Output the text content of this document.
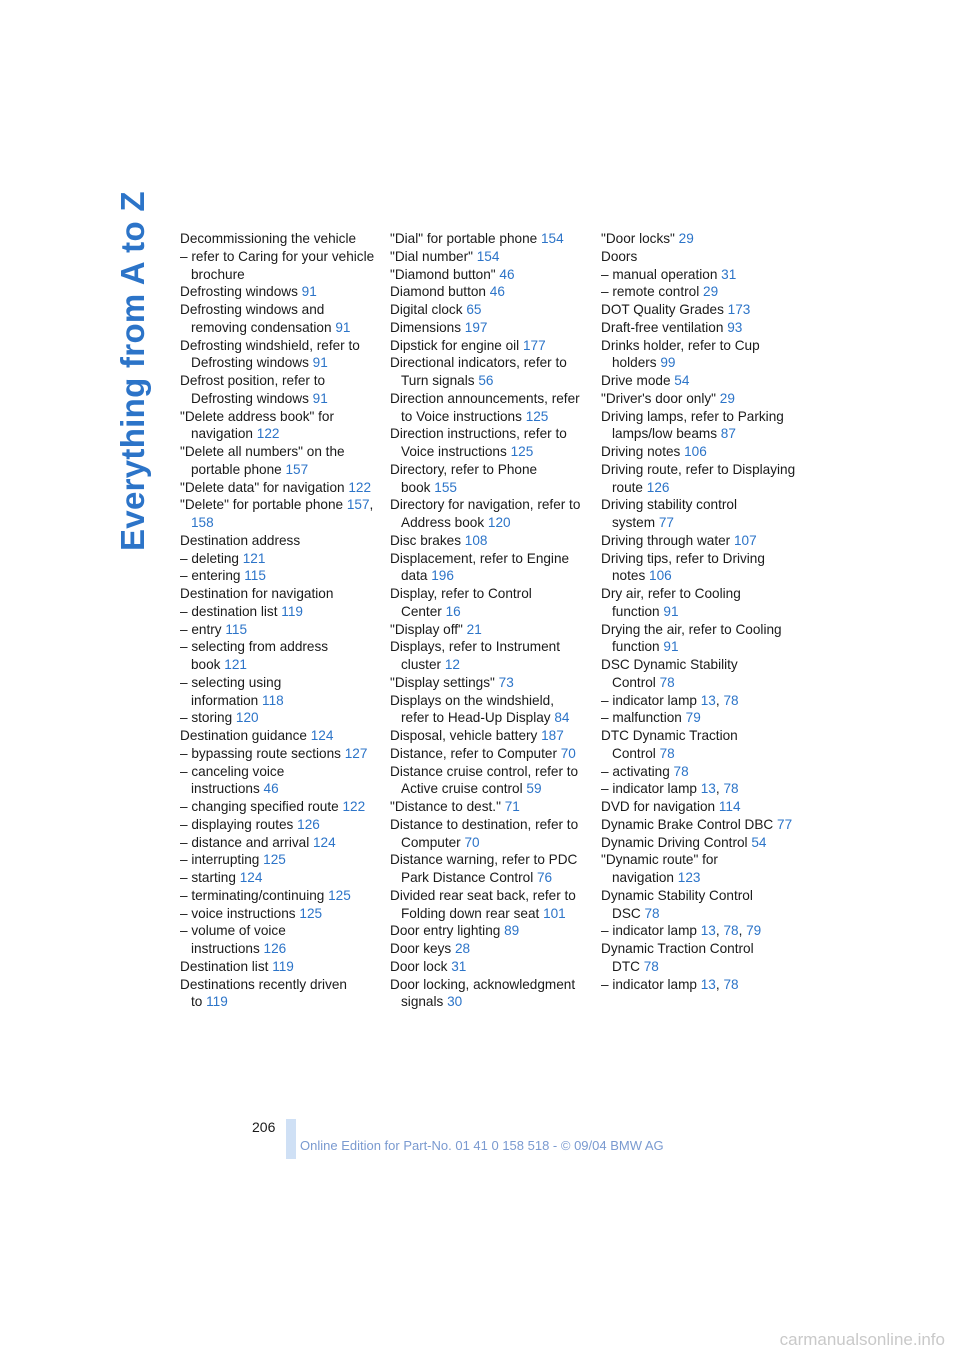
Everything from A to Z Decommissioning the vehicle
– refer to Caring for your vehicle brochure
Defrosting windows 91
Defrosting windows and removing condensation 91
Defrosting windshield, refer to Defrosting windows 91
Defrost position, refer to Defrosting windows 91
"Delete address book" for navigation 122
"Delete all numbers" on the portable phone 157
"Delete data" for navigation 122
"Delete" for portable phone 157, 158
Destination address
– deleting 121
– entering 115
Destination for navigation
– destination list 119
– entry 115
– selecting from address book 121
– selecting using information 118
– storing 120
Destination guidance 124
– bypassing route sections 127
– canceling voice instructions 46
– changing specified route 122
– displaying routes 126
– distance and arrival 124
– interrupting 125
– starting 124
– terminating/continuing 125
– voice instructions 125
– volume of voice instructions 126
Destination list 119
Destinations recently driven to 119
"Dial" for portable phone 154
"Dial number" 154
"Diamond button" 46
Diamond button 46
Digital clock 65
Dimensions 197
Dipstick for engine oil 177
Directional indicators, refer to Turn signals 56
Direction announcements, refer to Voice instructions 125
Direction instructions, refer to Voice instructions 125
Directory, refer to Phone book 155
Directory for navigation, refer to Address book 120
Disc brakes 108
Displacement, refer to Engine data 196
Display, refer to Control Center 16
"Display off" 21
Displays, refer to Instrument cluster 12
"Display settings" 73
Displays on the windshield, refer to Head-Up Display 84
Disposal, vehicle battery 187
Distance, refer to Computer 70
Distance cruise control, refer to Active cruise control 59
"Distance to dest." 71
Distance to destination, refer to Computer 70
Distance warning, refer to PDC Park Distance Control 76
Divided rear seat back, refer to Folding down rear seat 101
Door entry lighting 89
Door keys 28
Door lock 31
Door locking, acknowledgment signals 30
"Door locks" 29
Doors
– manual operation 31
– remote control 29
DOT Quality Grades 173
Draft-free ventilation 93
Drinks holder, refer to Cup holders 99
Drive mode 54
"Driver's door only" 29
Driving lamps, refer to Parking lamps/low beams 87
Driving notes 106
Driving route, refer to Displaying route 126
Driving stability control system 77
Driving through water 107
Driving tips, refer to Driving notes 106
Dry air, refer to Cooling function 91
Drying the air, refer to Cooling function 91
DSC Dynamic Stability Control 78
– indicator lamp 13, 78
– malfunction 79
DTC Dynamic Traction Control 78
– activating 78
– indicator lamp 13, 78
DVD for navigation 114
Dynamic Brake Control DBC 77
Dynamic Driving Control 54
"Dynamic route" for navigation 123
Dynamic Stability Control DSC 78
– indicator lamp 13, 78, 79
Dynamic Traction Control DTC 78
– indicator lamp 13, 78
206
Online Edition for Part-No. 01 41 0 158 518 - © 09/04 BMW AG
carmanualsonline.info
